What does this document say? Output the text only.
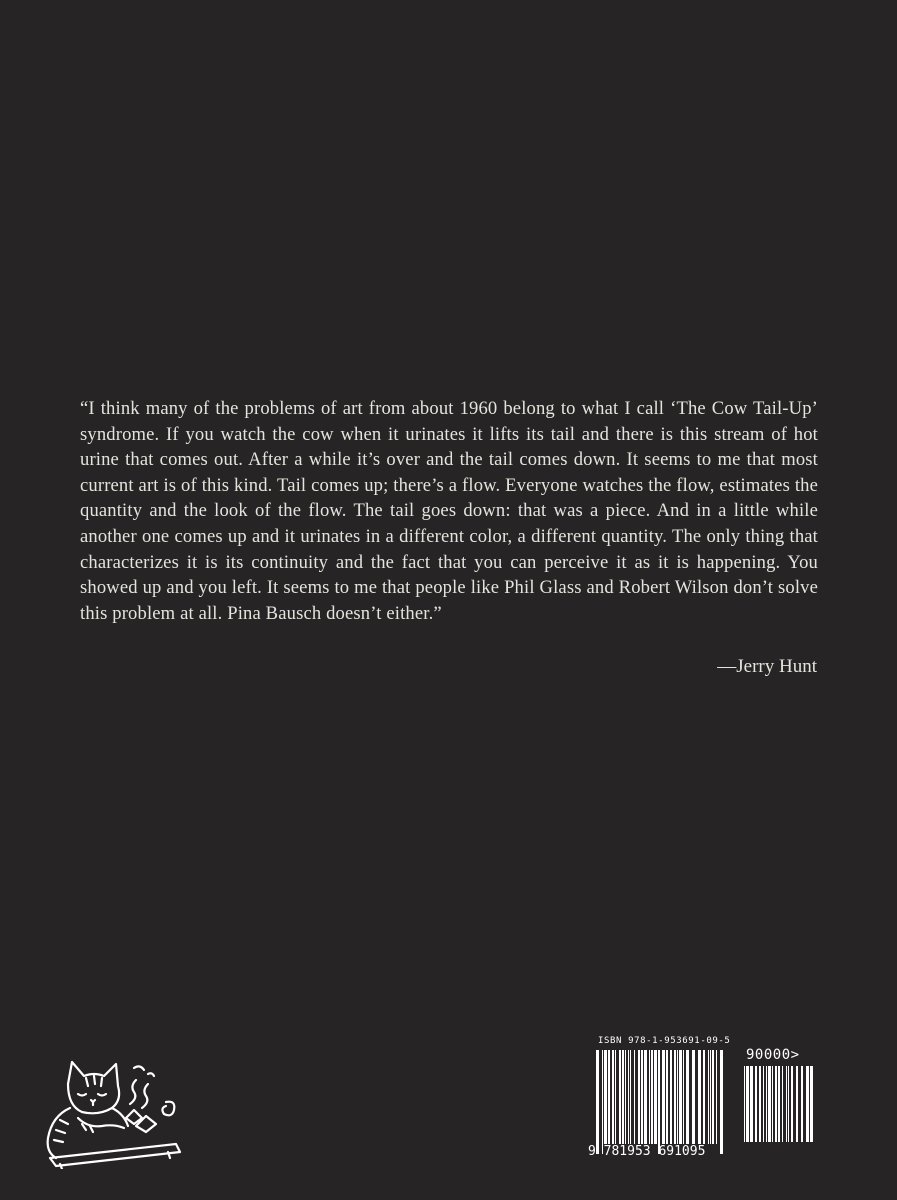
“I think many of the problems of art from about 1960 belong to what I call ‘The Cow Tail-Up’ syndrome. If you watch the cow when it urinates it lifts its tail and there is this stream of hot urine that comes out. After a while it’s over and the tail comes down. It seems to me that most current art is of this kind. Tail comes up; there’s a flow. Everyone watches the flow, estimates the quantity and the look of the flow. The tail goes down: that was a piece. And in a little while another one comes up and it urinates in a different color, a different quantity. The only thing that characterizes it is its continuity and the fact that you can perceive it as it is happening. You showed up and you left. It seems to me that people like Phil Glass and Robert Wilson don’t solve this problem at all. Pina Bausch doesn’t either.”

—Jerry Hunt

ISBN 978-1-953691-09-5

90000>

9 781953 691095
